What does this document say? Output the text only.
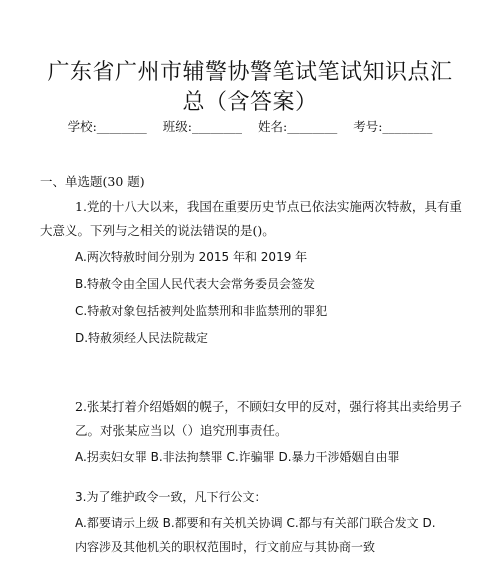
广东省广州市辅警协警笔试笔试知识点汇
总（含答案）
学校:________ 班级:________ 姓名:________ 考号:________
一、单选题(30 题)
1.党的十八大以来，我国在重要历史节点已依法实施两次特赦，具有重
大意义。下列与之相关的说法错误的是()。
A.两次特赦时间分别为 2015 年和 2019 年
B.特赦令由全国人民代表大会常务委员会签发
C.特赦对象包括被判处监禁刑和非监禁刑的罪犯
D.特赦须经人民法院裁定
2.张某打着介绍婚姻的幌子，不顾妇女甲的反对，强行将其出卖给男子
乙。对张某应当以（）追究刑事责任。
A.拐卖妇女罪 B.非法拘禁罪 C.诈骗罪 D.暴力干涉婚姻自由罪
3.为了维护政令一致，凡下行公文：
A.都要请示上级 B.都要和有关机关协调 C.都与有关部门联合发文 D.
内容涉及其他机关的职权范围时，行文前应与其协商一致
